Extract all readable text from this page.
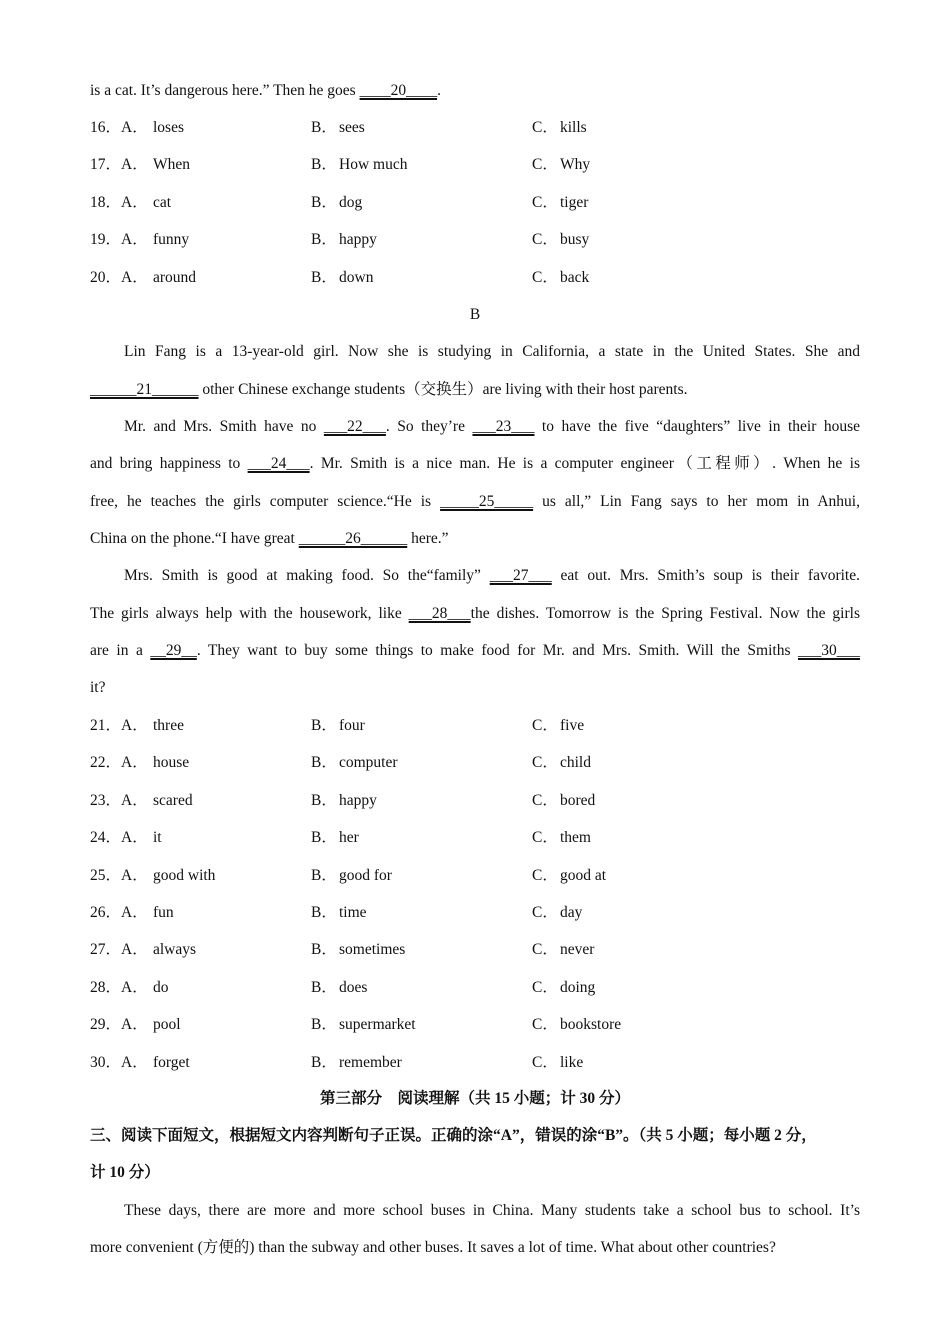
is a cat. It’s dangerous here.” Then he goes ____20____.
16．A． loses	B． sees	C． kills
17．A． When	B． How much	C． Why
18．A． cat	B． dog	C． tiger
19．A． funny	B． happy	C． busy
20．A． around	B． down	C． back
B
Lin Fang is a 13-year-old girl. Now she is studying in California, a state in the United States. She and
______21______ other Chinese exchange students（交换生）are living with their host parents.
Mr. and Mrs. Smith have no ___22___. So they’re ___23___ to have the five “daughters” live in their house
and bring happiness to ___24___. Mr. Smith is a nice man. He is a computer engineer（工程师）. When he is
free, he teaches the girls computer science.“He is _____25_____ us all,” Lin Fang says to her mom in Anhui,
China on the phone.“I have great ______26______ here.”
Mrs. Smith is good at making food. So the“family” ___27___ eat out. Mrs. Smith’s soup is their favorite.
The girls always help with the housework, like ___28___the dishes. Tomorrow is the Spring Festival. Now the girls
are in a __29__. They want to buy some things to make food for Mr. and Mrs. Smith. Will the Smiths ___30___
it?
21．A． three	B． four	C． five
22．A． house	B． computer	C． child
23．A． scared	B． happy	C． bored
24．A． it	B． her	C． them
25．A． good with	B． good for	C． good at
26．A． fun	B． time	C． day
27．A． always	B． sometimes	C． never
28．A． do	B． does	C． doing
29．A． pool	B． supermarket	C． bookstore
30．A． forget	B． remember	C． like
第三部分　阅读理解（共 15 小题；计 30 分）
三、阅读下面短文，根据短文内容判断句子正误。正确的涂“A”，错误的涂“B”。（共 5 小题；每小题 2 分，
计 10 分）
These days, there are more and more school buses in China. Many students take a school bus to school. It’s
more convenient (方便的) than the subway and other buses. It saves a lot of time. What about other countries?
